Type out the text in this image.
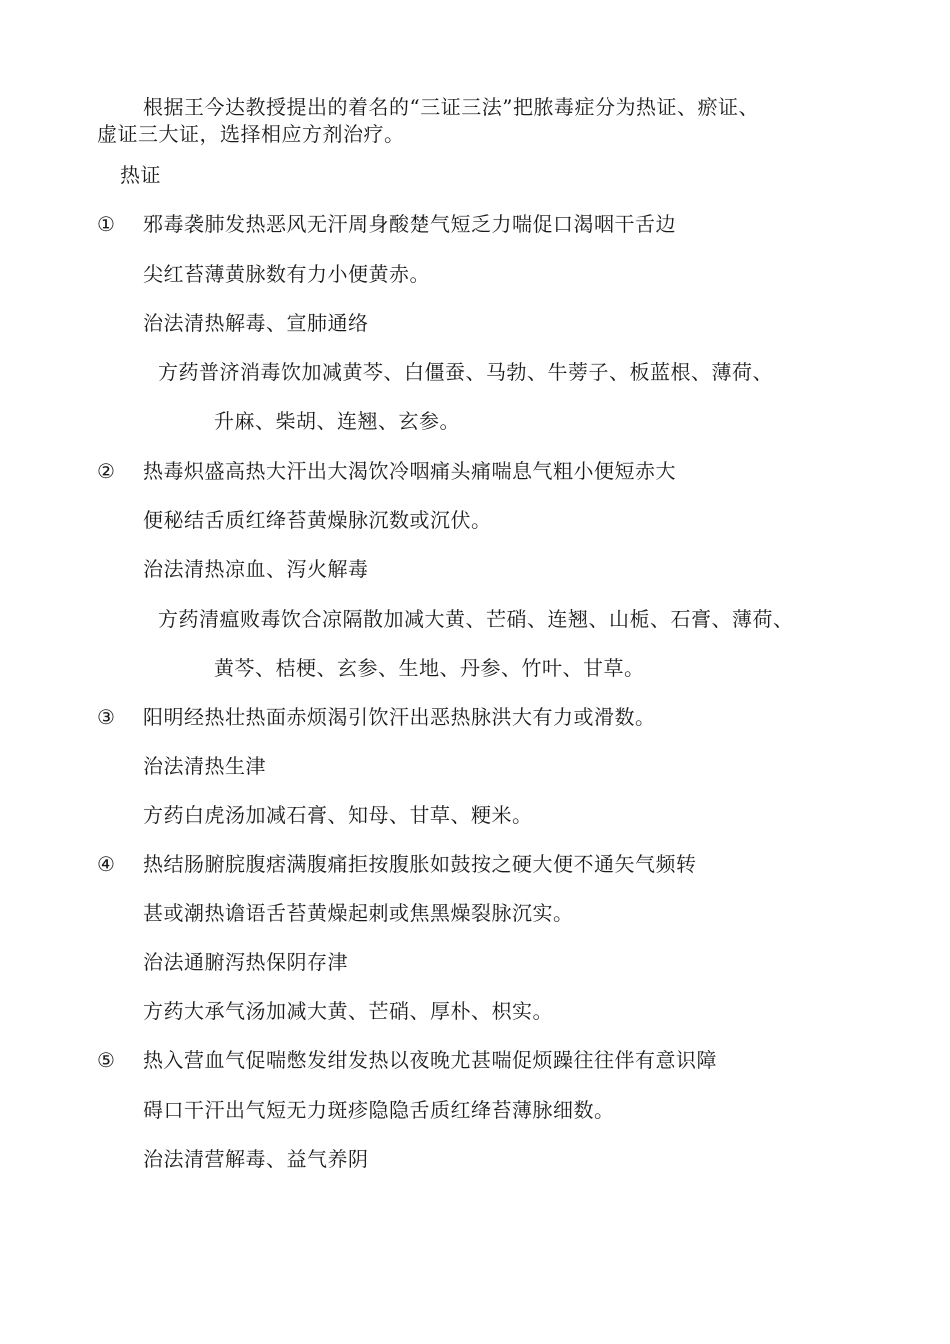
根据王今达教授提出的着名的“三证三法”把脓毒症分为热证、瘀证、
虚证三大证，选择相应方剂治疗。
热证
① 邪毒袭肺发热恶风无汗周身酸楚气短乏力喘促口渴咽干舌边
尖红苔薄黄脉数有力小便黄赤。
治法清热解毒、宣肺通络
方药普济消毒饮加减黄芩、白僵蚕、马勃、牛蒡子、板蓝根、薄荷、
升麻、柴胡、连翘、玄参。
② 热毒炽盛高热大汗出大渴饮冷咽痛头痛喘息气粗小便短赤大
便秘结舌质红绛苔黄燥脉沉数或沉伏。
治法清热凉血、泻火解毒
方药清瘟败毒饮合凉隔散加减大黄、芒硝、连翘、山栀、石膏、薄荷、
黄芩、桔梗、玄参、生地、丹参、竹叶、甘草。
③ 阳明经热壮热面赤烦渴引饮汗出恶热脉洪大有力或滑数。
治法清热生津
方药白虎汤加减石膏、知母、甘草、粳米。
④ 热结肠腑脘腹痞满腹痛拒按腹胀如鼓按之硬大便不通矢气频转
甚或潮热谵语舌苔黄燥起刺或焦黑燥裂脉沉实。
治法通腑泻热保阴存津
方药大承气汤加减大黄、芒硝、厚朴、枳实。
⑤ 热入营血气促喘憋发绀发热以夜晚尤甚喘促烦躁往往伴有意识障
碍口干汗出气短无力斑疹隐隐舌质红绛苔薄脉细数。
治法清营解毒、益气养阴
